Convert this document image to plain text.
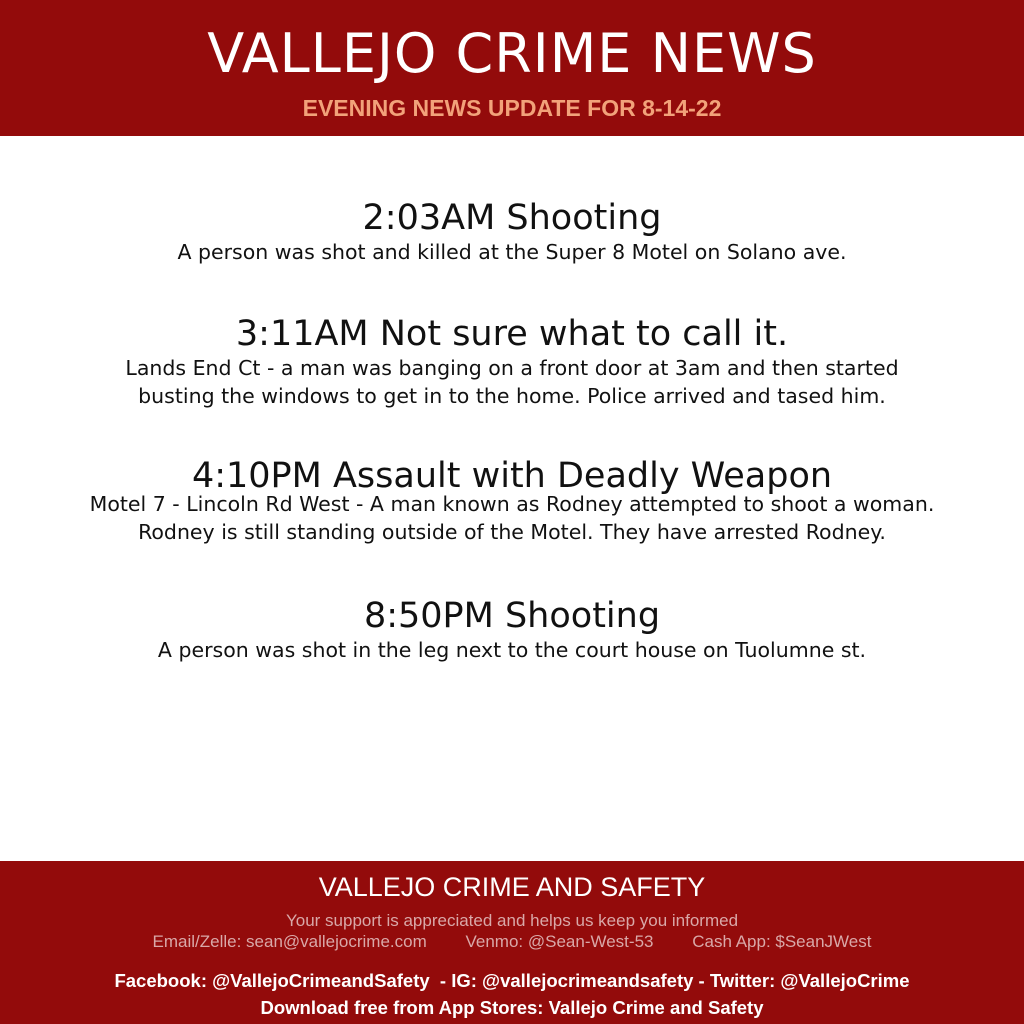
VALLEJO CRIME NEWS
EVENING NEWS UPDATE FOR 8-14-22
2:03AM Shooting
A person was shot and killed at the Super 8 Motel on Solano ave.
3:11AM Not sure what to call it.
Lands End Ct - a man was banging on a front door at 3am and then started
busting the windows to get in to the home. Police arrived and tased him.
4:10PM Assault with Deadly Weapon
Motel 7 - Lincoln Rd West - A man known as Rodney attempted to shoot a woman.
Rodney is still standing outside of the Motel. They have arrested Rodney.
8:50PM Shooting
A person was shot in the leg next to the court house on Tuolumne st.
VALLEJO CRIME AND SAFETY
Your support is appreciated and helps us keep you informed
Email/Zelle: sean@vallejocrime.com Venmo: @Sean-West-53 Cash App: $SeanJWest
Facebook: @VallejoCrimeandSafety  - IG: @vallejocrimeandsafety - Twitter: @VallejoCrime
Download free from App Stores: Vallejo Crime and Safety
